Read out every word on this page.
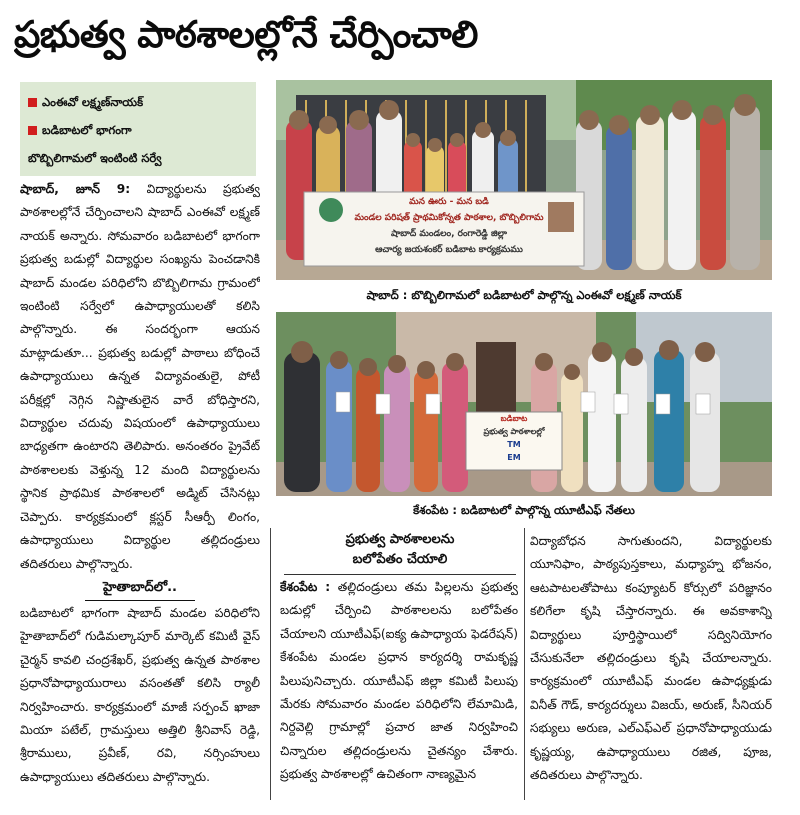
ప్రభుత్వ పాఠశాలల్లోనే చేర్పించాలి
ఎంఈవో లక్ష్మణ్‌నాయక్
బడిబాటలో భాగంగా
బొబ్బిలిగామలో ఇంటింటి సర్వే
మన ఊరు - మన బడి
మండల పరిషత్ ప్రాథమికోన్నత పాఠశాల, బొబ్బిలిగామ
షాబాద్ మండలం, రంగారెడ్డి జిల్లా
ఆచార్య జయశంకర్ బడిబాట కార్యక్రమము
షాబాద్ : బొబ్బిలిగామలో బడిబాటలో పాల్గొన్న ఎంఈవో లక్ష్మణ్ నాయక్
బడిబాట
ప్రభుత్వ పాఠశాలల్లో
TM
EM
కేశంపేట : బడిబాటలో పాల్గొన్న యూటీఎఫ్ నేతలు

షాబాద్, జూన్ 9: విద్యార్థులను ప్రభుత్వ పాఠశాలల్లోనే చేర్పించాలని షాబాద్ ఎంఈవో లక్ష్మణ్ నాయక్ అన్నారు. సోమవారం బడిబాటలో భాగంగా ప్రభుత్వ బడుల్లో విద్యార్థుల సంఖ్యను పెంచడానికి షాబాద్ మండల పరిధిలోని బొబ్బిలిగామ గ్రామంలో ఇంటింటి సర్వేలో ఉపాధ్యాయులతో కలిసి పాల్గొన్నారు. ఈ సందర్భంగా ఆయన మాట్లాడుతూ... ప్రభుత్వ బడుల్లో పాఠాలు బోధించే ఉపాధ్యాయులు ఉన్నత విద్యావంతులై, పోటీ పరీక్షల్లో నెగ్గిన నిష్ణాతులైన వారే బోధిస్తారని, విద్యార్థుల చదువు విషయంలో ఉపాధ్యాయులు బాధ్యతగా ఉంటారని తెలిపారు. అనంతరం ప్రైవేట్ పాఠశాలలకు వెళ్తున్న 12 మంది విద్యార్థులను స్థానిక ప్రాథమిక పాఠశాలలో అడ్మిట్ చేసినట్లు చెప్పారు. కార్యక్రమంలో క్లస్టర్ సీఆర్పీ లింగం, ఉపాధ్యాయులు విద్యార్థుల తల్లిదండ్రులు తదితరులు పాల్గొన్నారు.

హైతాబాద్‌లో..

బడిబాటలో భాగంగా షాబాద్ మండల పరిధిలోని హైతాబాద్‌లో గుడిమల్కాపూర్ మార్కెట్ కమిటీ వైస్ చైర్మన్ కావలి చంద్రశేఖర్, ప్రభుత్వ ఉన్నత పాఠశాల ప్రధానోపాధ్యాయురాలు వసంతతో కలిసి ర్యాలీ నిర్వహించారు. కార్యక్రమంలో మాజీ సర్పంచ్ ఖాజా మియా పటేల్, గ్రామస్తులు అత్తిలి శ్రీనివాస్ రెడ్డి, శ్రీరాములు, ప్రవీణ్, రవి, నర్సింహులు ఉపాధ్యాయులు తదితరులు పాల్గొన్నారు.

ప్రభుత్వ పాఠశాలలను
బలోపేతం చేయాలి

కేశంపేట : తల్లిదండ్రులు తమ పిల్లలను ప్రభుత్వ బడుల్లో చేర్పించి పాఠశాలలను బలోపేతం చేయాలని యూటీఎఫ్(ఐక్య ఉపాధ్యాయ ఫెడరేషన్) కేశంపేట మండల ప్రధాన కార్యదర్శి రామకృష్ణ పిలుపునిచ్చారు. యూటీఎఫ్ జిల్లా కమిటీ పిలుపు మేరకు సోమవారం మండల పరిధిలోని లేమామిడి, నిర్దవెల్లి గ్రామాల్లో ప్రచార జాత నిర్వహించి చిన్నారుల తల్లిదండ్రులను చైతన్యం చేశారు. ప్రభుత్వ పాఠశాలల్లో ఉచితంగా నాణ్యమైన

విద్యాబోధన సాగుతుందని, విద్యార్థులకు యూనిఫాం, పాఠ్యపుస్తకాలు, మధ్యాహ్న భోజనం, ఆటపాటలతోపాటు కంప్యూటర్ కోర్సులో పరిజ్ఞానం కలిగేలా కృషి చేస్తారన్నారు. ఈ అవకాశాన్ని విద్యార్థులు పూర్తిస్థాయిలో సద్వినియోగం చేసుకునేలా తల్లిదండ్రులు కృషి చేయాలన్నారు. కార్యక్రమంలో యూటీఎఫ్ మండల ఉపాధ్యక్షుడు వినీత్ గౌడ్, కార్యదర్శులు విజయ్, అరుణ్, సీనియర్ సభ్యులు అరుణ, ఎల్ఎఫ్ఎల్ ప్రధానోపాధ్యాయుడు కృష్ణయ్య, ఉపాధ్యాయులు రజిత, పూజ, తదితరులు పాల్గొన్నారు.
